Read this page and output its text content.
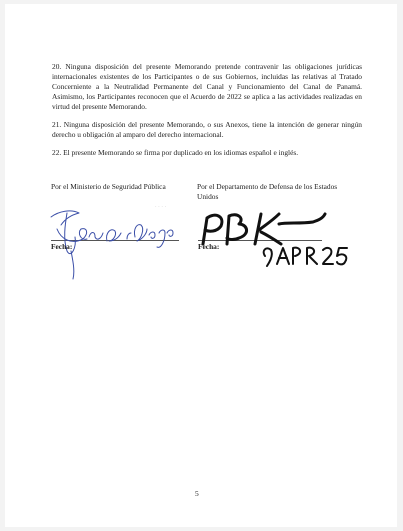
20. Ninguna disposición del presente Memorando pretende contravenir las obligaciones jurídicas internacionales existentes de los Participantes o de sus Gobiernos, incluidas las relativas al Tratado Concerniente a la Neutralidad Permanente del Canal y Funcionamiento del Canal de Panamá. Asimismo, los Participantes reconocen que el Acuerdo de 2022 se aplica a las actividades realizadas en virtud del presente Memorando.

21. Ninguna disposición del presente Memorando, o sus Anexos, tiene la intención de generar ningún derecho u obligación al amparo del derecho internacional.

22. El presente Memorando se firma por duplicado en los idiomas español e inglés.

Por el Ministerio de Seguridad Pública	Por el Departamento de Defensa de los Estados Unidos

· · · ·

Fecha:	Fecha:

5
